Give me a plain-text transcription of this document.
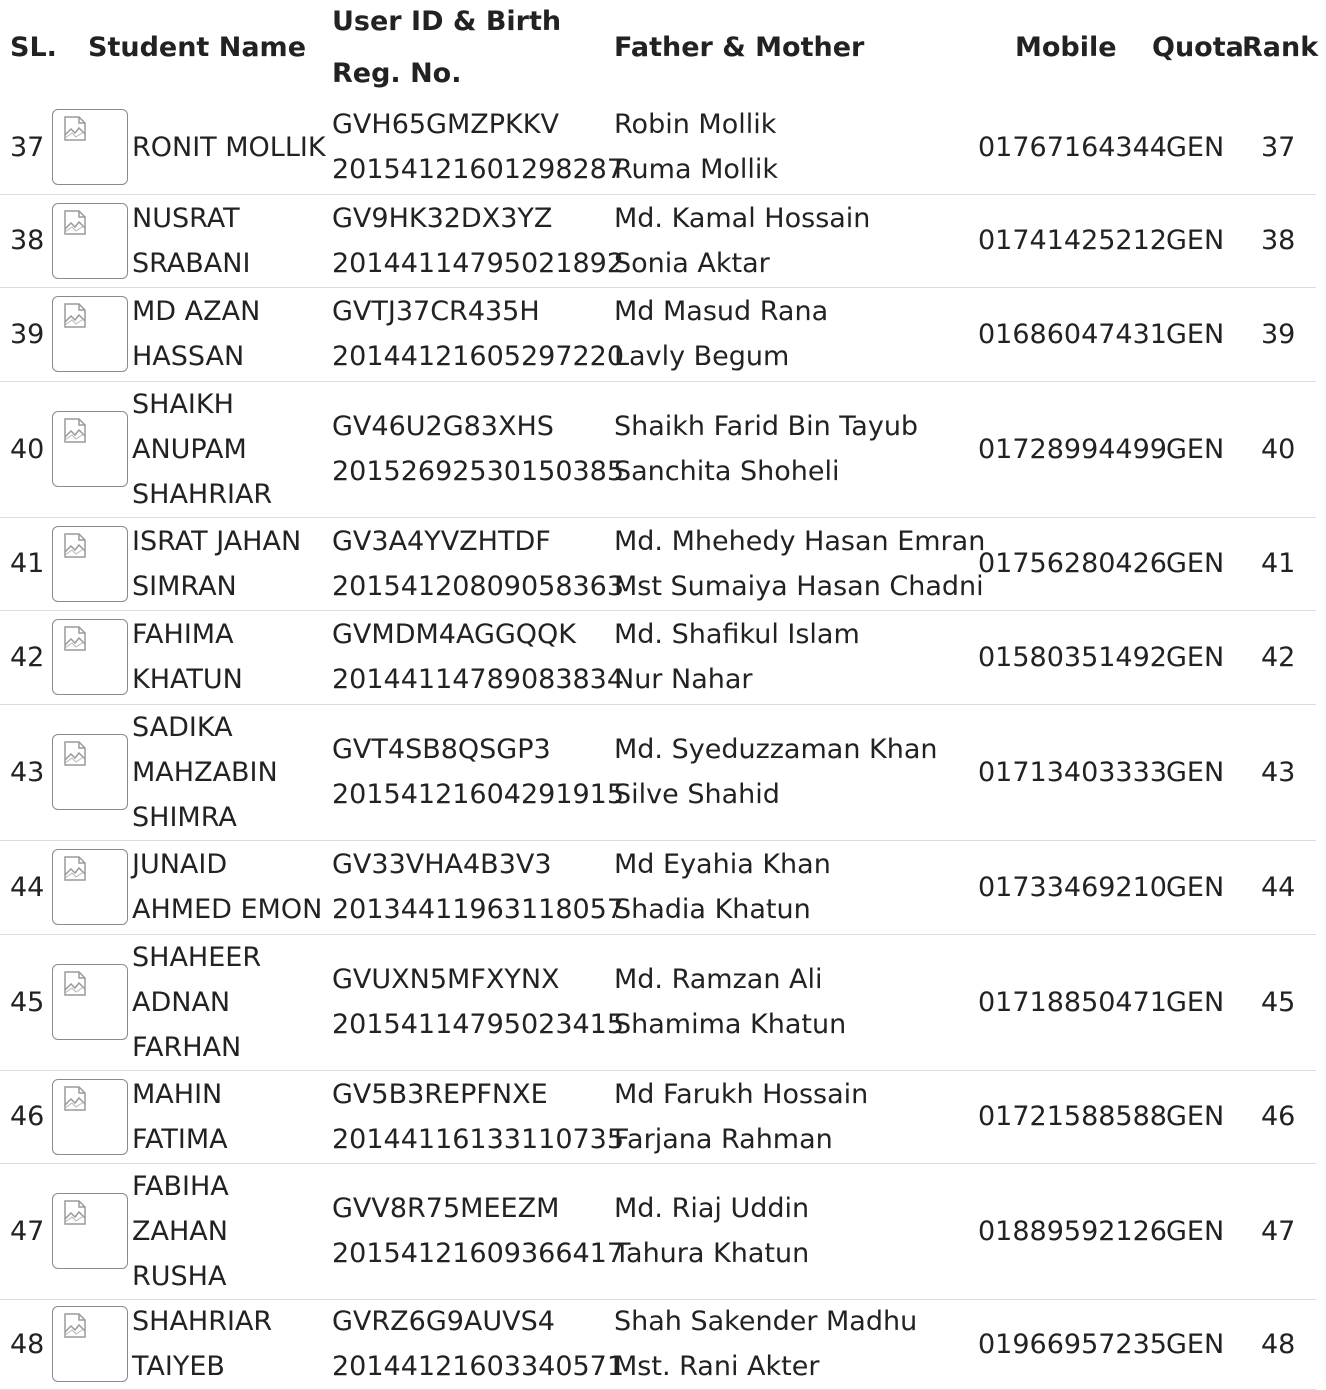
SL. Student Name
User ID & Birth
Reg. No.
Father & Mother	Mobile Quota
Rank
37	RONIT MOLLIK
GVH65GMZPKKV
20154121601298287
Robin Mollik
Ruma Mollik
01767164344 GEN 37
38
NUSRAT
SRABANI
GV9HK32DX3YZ
20144114795021892
Md. Kamal Hossain
Sonia Aktar
01741425212 GEN 38
39
MD AZAN
HASSAN
GVTJ37CR435H
20144121605297220
Md Masud Rana
Lavly Begum
01686047431 GEN 39
40
SHAIKH
ANUPAM
SHAHRIAR
GV46U2G83XHS
20152692530150385
Shaikh Farid Bin Tayub
Sanchita Shoheli
01728994499 GEN 40
41
ISRAT JAHAN
SIMRAN
GV3A4YVZHTDF
20154120809058363
Md. Mhehedy Hasan Emran
Mst Sumaiya Hasan Chadni
01756280426 GEN 41
42
FAHIMA
KHATUN
GVMDM4AGGQQK
20144114789083834
Md. Shafikul Islam
Nur Nahar
01580351492 GEN 42
43
SADIKA
MAHZABIN
SHIMRA
GVT4SB8QSGP3
20154121604291915
Md. Syeduzzaman Khan
Silve Shahid
01713403333 GEN 43
44
JUNAID
AHMED EMON
GV33VHA4B3V3
20134411963118057
Md Eyahia Khan
Shadia Khatun
01733469210 GEN 44
45
SHAHEER
ADNAN
FARHAN
GVUXN5MFXYNX
20154114795023415
Md. Ramzan Ali
Shamima Khatun
01718850471 GEN 45
46
MAHIN
FATIMA
GV5B3REPFNXE
20144116133110735
Md Farukh Hossain
Farjana Rahman
01721588588 GEN 46
47
FABIHA
ZAHAN
RUSHA
GVV8R75MEEZM
20154121609366417
Md. Riaj Uddin
Tahura Khatun
01889592126 GEN 47
48
SHAHRIAR
TAIYEB
GVRZ6G9AUVS4
20144121603340571
Shah Sakender Madhu
Mst. Rani Akter
01966957235 GEN 48
